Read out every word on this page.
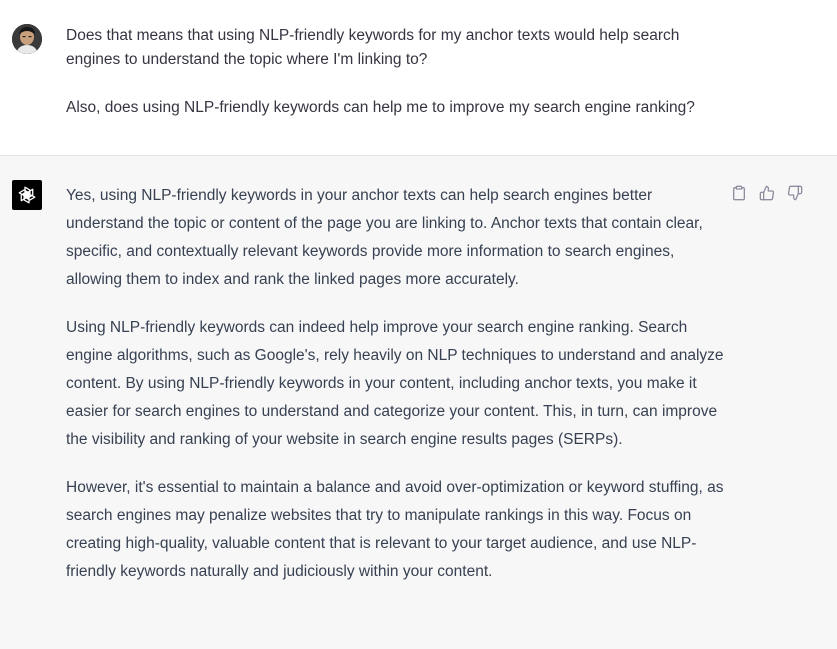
Does that means that using NLP-friendly keywords for my anchor texts would help search engines to understand the topic where I'm linking to?

Also, does using NLP-friendly keywords can help me to improve my search engine ranking?

Yes, using NLP-friendly keywords in your anchor texts can help search engines better understand the topic or content of the page you are linking to. Anchor texts that contain clear, specific, and contextually relevant keywords provide more information to search engines, allowing them to index and rank the linked pages more accurately.

Using NLP-friendly keywords can indeed help improve your search engine ranking. Search engine algorithms, such as Google's, rely heavily on NLP techniques to understand and analyze content. By using NLP-friendly keywords in your content, including anchor texts, you make it easier for search engines to understand and categorize your content. This, in turn, can improve the visibility and ranking of your website in search engine results pages (SERPs).

However, it's essential to maintain a balance and avoid over-optimization or keyword stuffing, as search engines may penalize websites that try to manipulate rankings in this way. Focus on creating high-quality, valuable content that is relevant to your target audience, and use NLP-friendly keywords naturally and judiciously within your content.
